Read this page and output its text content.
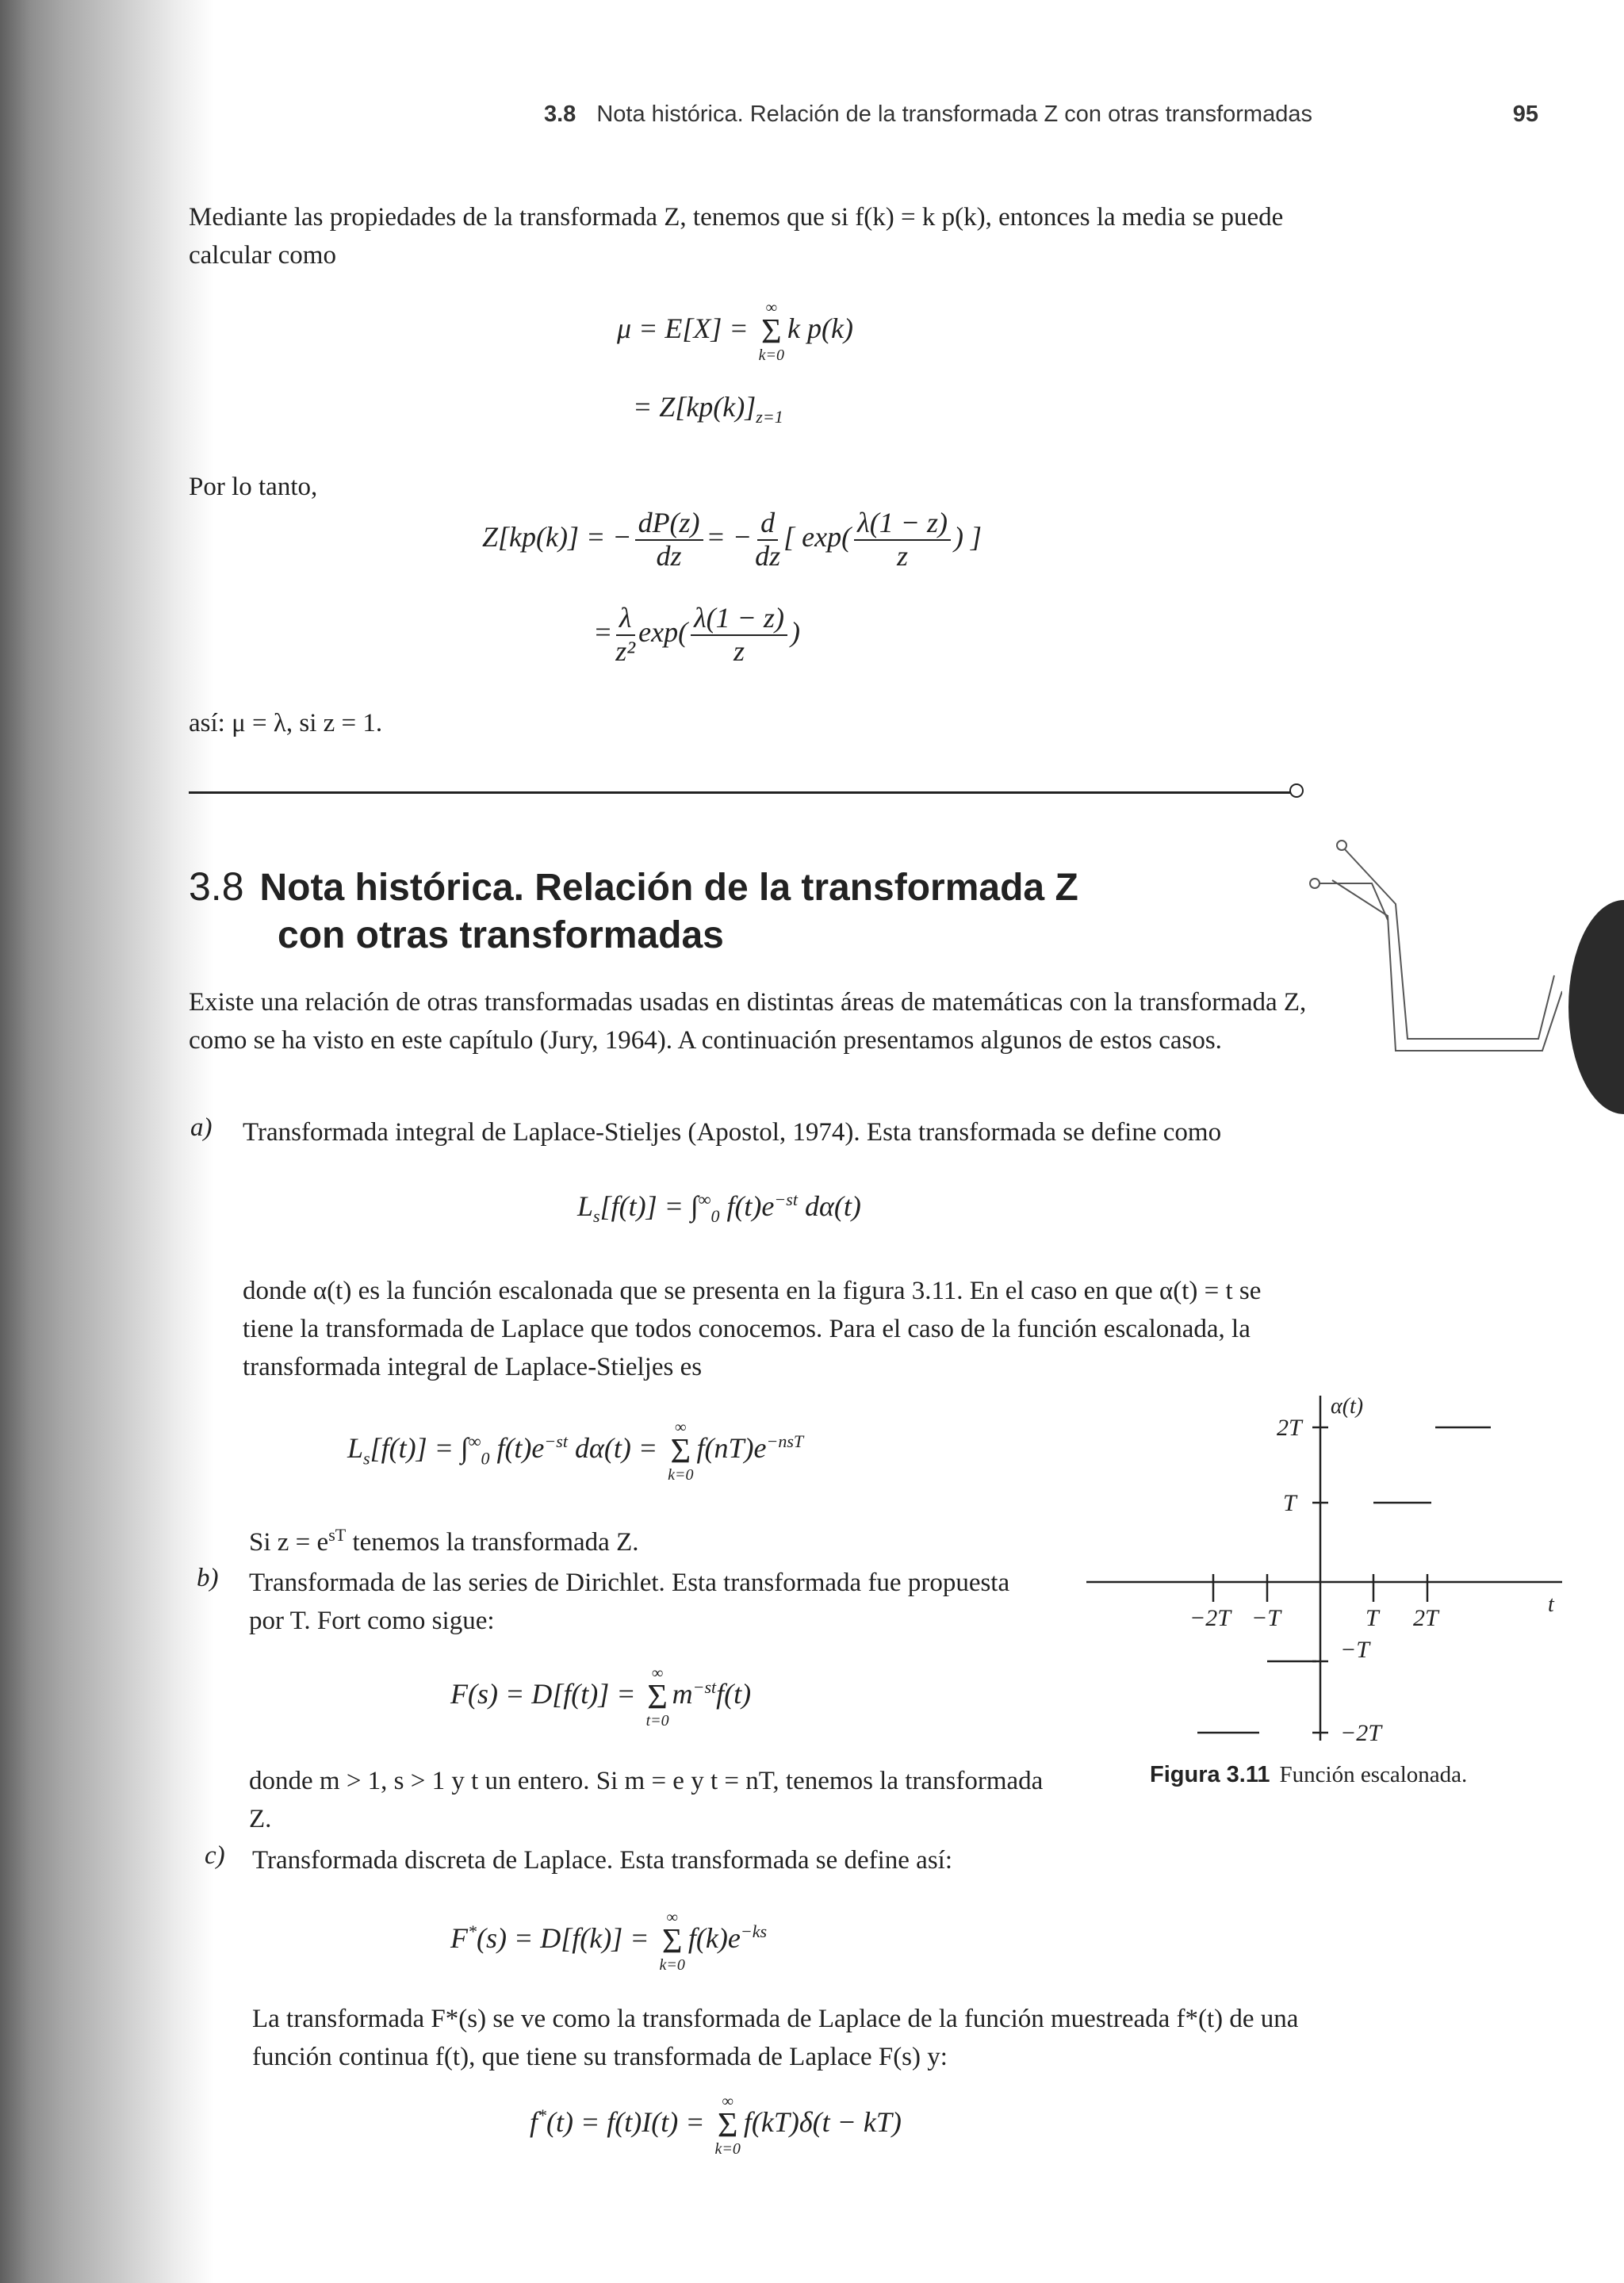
3.8 Nota histórica. Relación de la transformada Z con otras transformadas	95

Mediante las propiedades de la transformada Z, tenemos que si f(k) = k p(k), entonces la media se puede calcular como

μ = E[X] =
∞
Σ
k=0
k p(k)
= $Z[kp(k)]_{z=1}$

Por lo tanto,

Z[kp(k)] = − $\frac{dP(z)}{dz}$ = − $\frac{d}{dz}$ [ $\exp( \frac{\lambda(1 - z)}{z}$ ) ]
= $\frac{\lambda}{\text{z²}} \exp( \frac{\lambda(1 - z)}{z}$ )

así: μ = λ, si z = 1.

3.8 Nota histórica. Relación de la transformada Z
con otras transformadas

Existe una relación de otras transformadas usadas en distintas áreas de matemáticas con la transformada Z, como se ha visto en este capítulo (Jury, 1964). A continuación presentamos algunos de estos casos.

a) Transformada integral de Laplace-Stieljes (Apostol, 1974). Esta transformada se define como

$L_s[f(t)] = \int^\infty_0$ $f(t)e^{-st}$ dα(t)

donde α(t) es la función escalonada que se presenta en la figura 3.11. En el caso en que α(t) = t se tiene la transformada de Laplace que todos conocemos. Para el caso de la función escalonada, la transformada integral de Laplace-Stieljes es

$L_s[f(t)] = \int^\infty_0$ $f(t)e^{-st}$ dα(t) =
∞
Σ
k=0
$f(nT)e^{-nsT}$

Si $z = e^{sT}$ tenemos la transformada Z.

b) Transformada de las series de Dirichlet. Esta transformada fue propuesta por T. Fort como sigue:

F(s) = D[f(t)] =
∞
Σ
t=0
$m^{-st}f(t)$

donde m > 1, s > 1 y t un entero. Si m = e y t = nT, tenemos la transformada Z.

c) Transformada discreta de Laplace. Esta transformada se define así:

F*(s) = D[f(k)] =
∞
Σ
k=0
$f(k)e^{-ks}$

La transformada F*(s) se ve como la transformada de Laplace de la función muestreada f*(t) de una función continua f(t), que tiene su transformada de Laplace F(s) y:

f*(t) = f(t)I(t) =
∞
Σ
k=0
f(kT)δ(t − kT)
α(t)
t
2T
T
−T
−2T
−2T −T	T 2T
Figura 3.11 Función escalonada.
